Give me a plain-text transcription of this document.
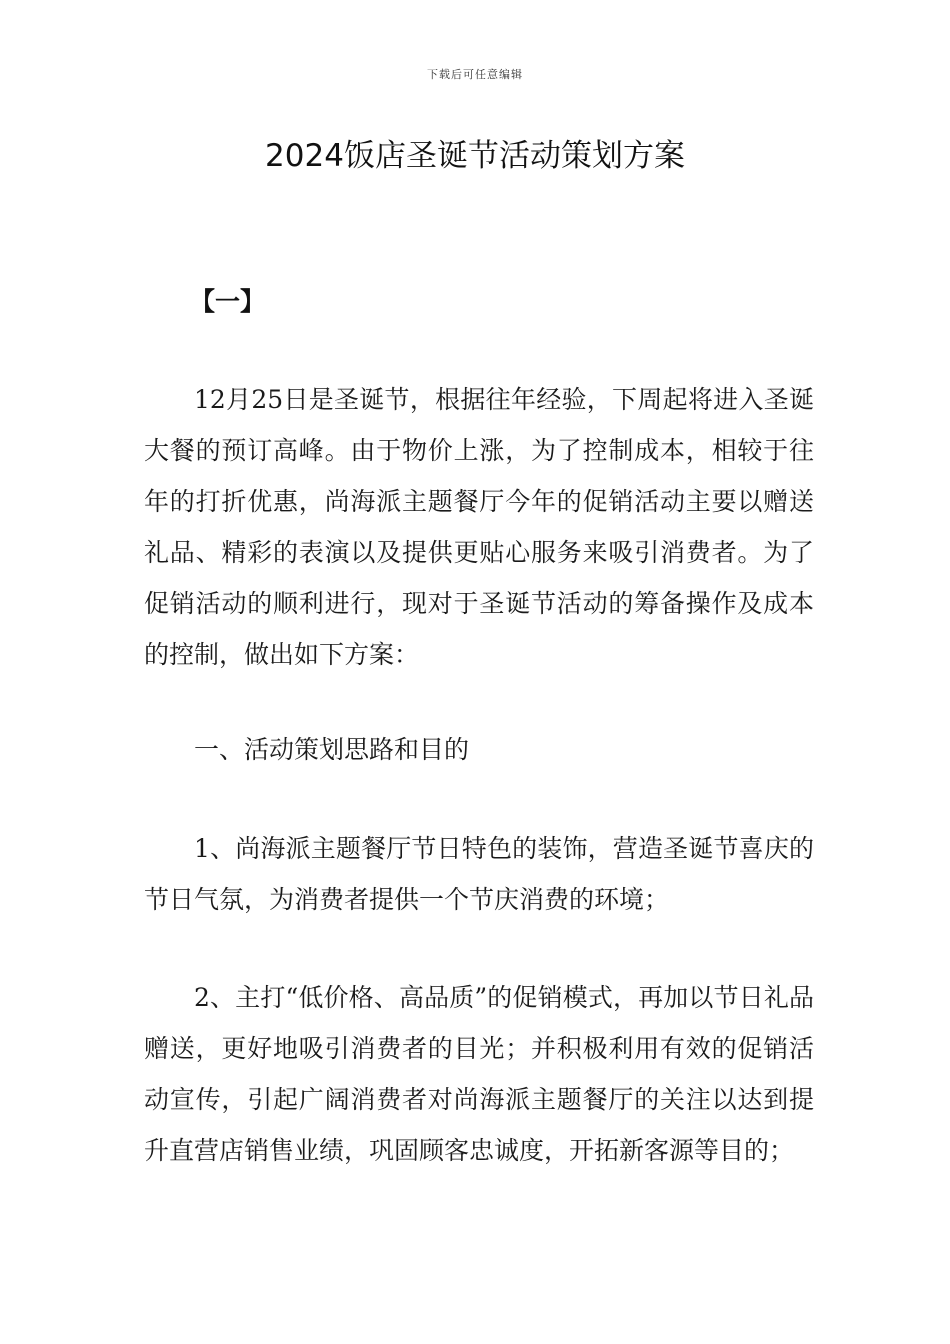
下载后可任意编辑
2024饭店圣诞节活动策划方案
【一】

12月25日是圣诞节，根据往年经验，下周起将进入圣诞大餐的预订高峰。由于物价上涨，为了控制成本，相较于往年的打折优惠，尚海派主题餐厅今年的促销活动主要以赠送礼品、精彩的表演以及提供更贴心服务来吸引消费者。为了促销活动的顺利进行，现对于圣诞节活动的筹备操作及成本的控制，做出如下方案：

一、活动策划思路和目的

1、尚海派主题餐厅节日特色的装饰，营造圣诞节喜庆的节日气氛，为消费者提供一个节庆消费的环境；

2、主打“低价格、高品质”的促销模式，再加以节日礼品赠送，更好地吸引消费者的目光；并积极利用有效的促销活动宣传，引起广阔消费者对尚海派主题餐厅的关注以达到提升直营店销售业绩，巩固顾客忠诚度，开拓新客源等目的；
